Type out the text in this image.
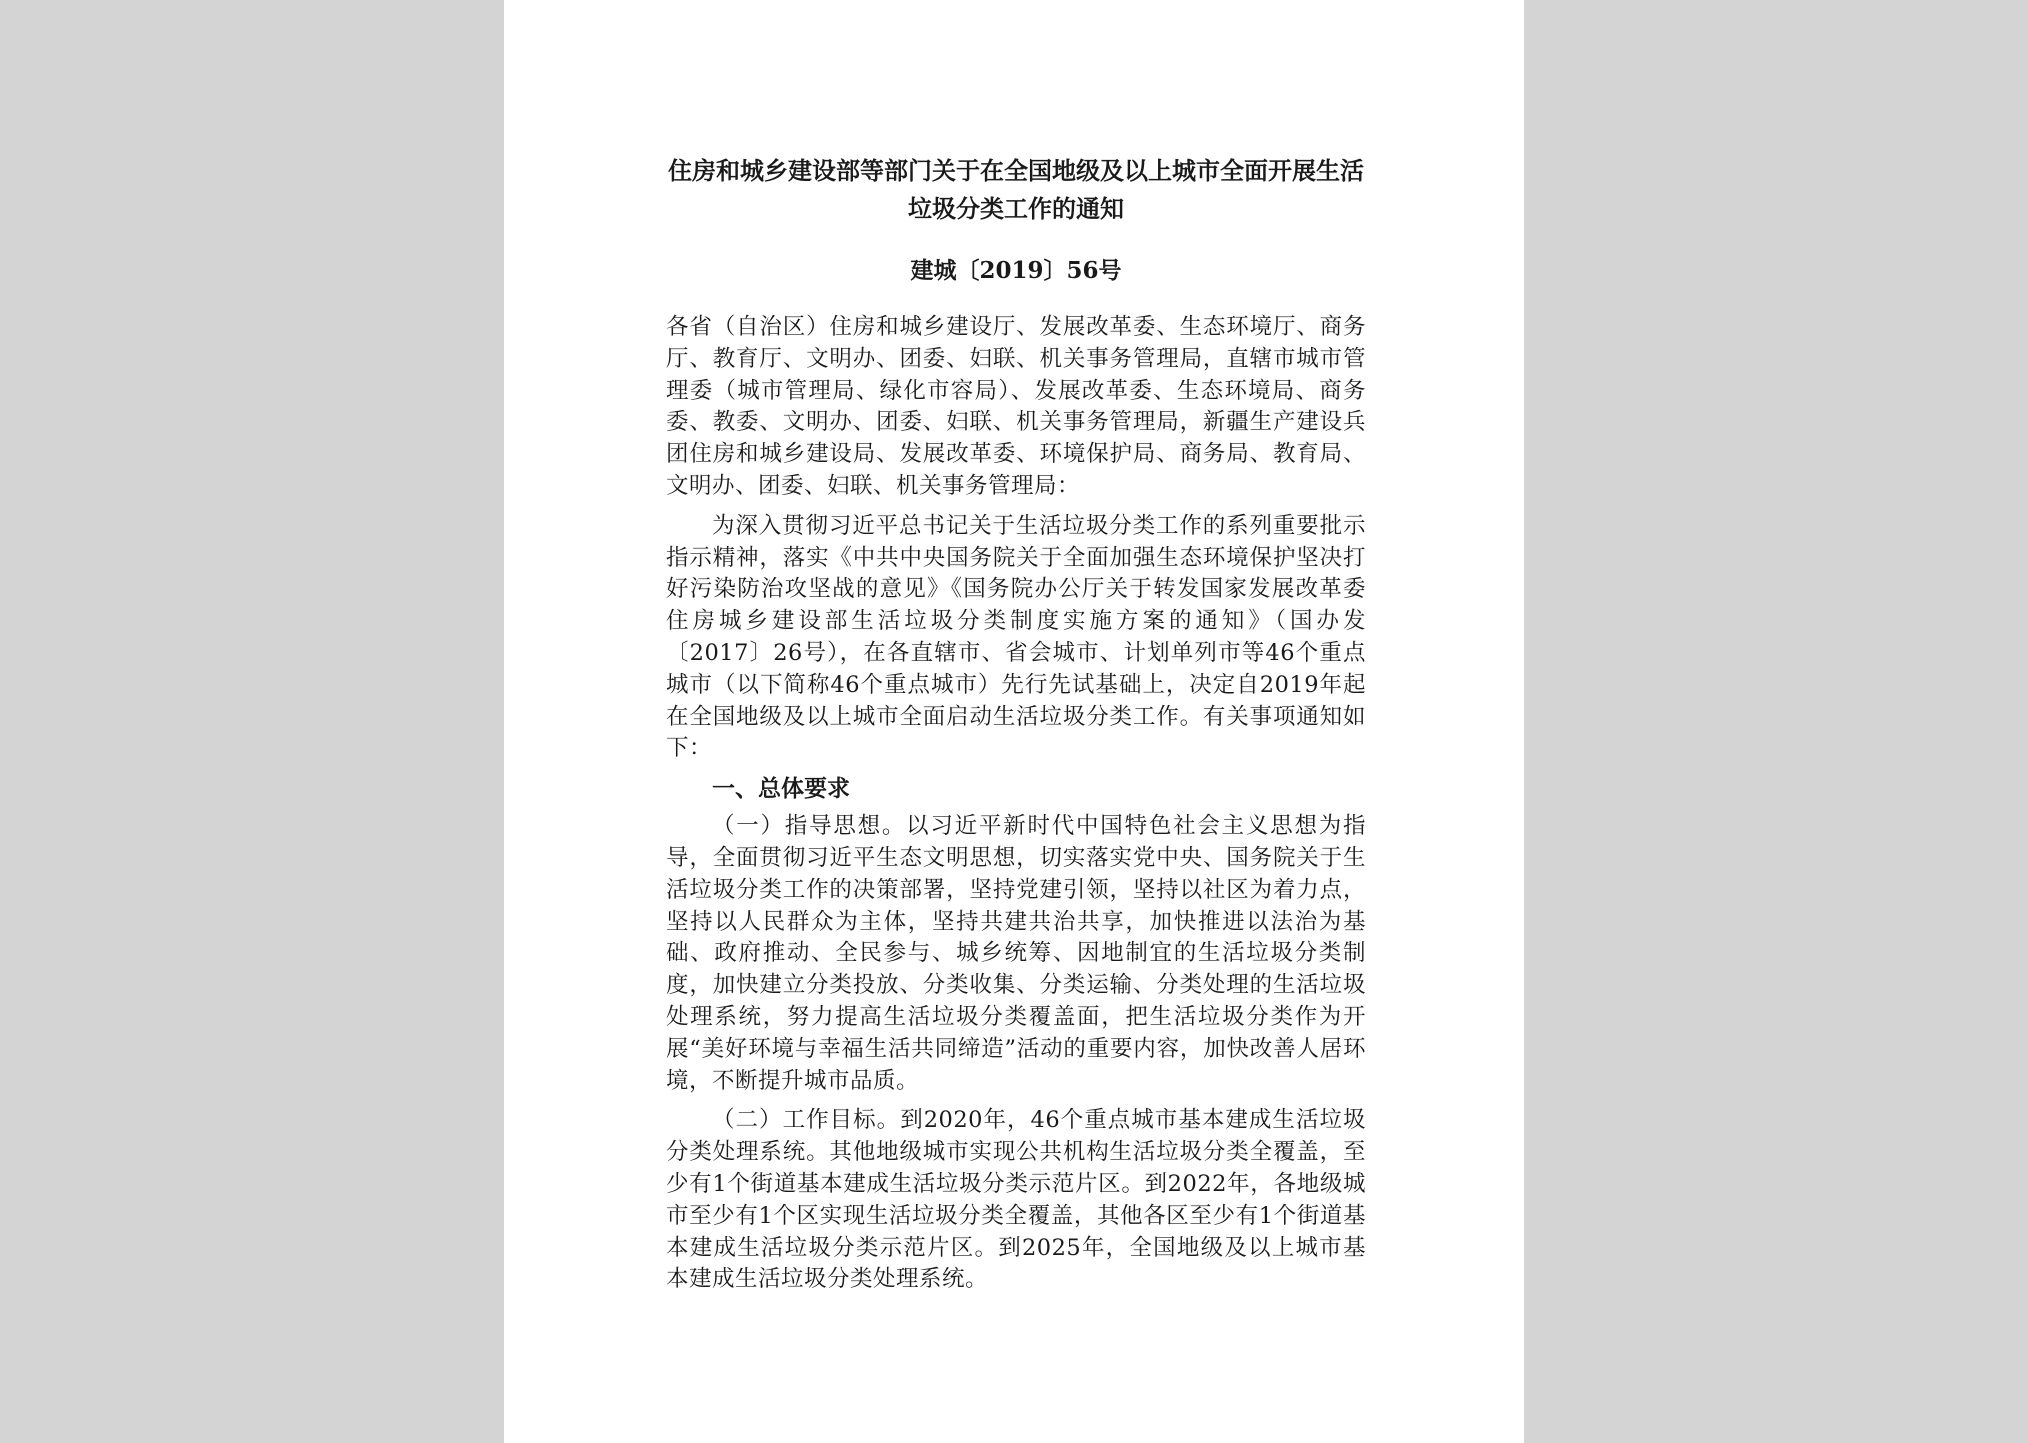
住房和城乡建设部等部门关于在全国地级及以上城市全面开展生活
垃圾分类工作的通知

建城〔2019〕56号

各省（自治区）住房和城乡建设厅、发展改革委、生态环境厅、商务厅、教育厅、文明办、团委、妇联、机关事务管理局，直辖市城市管理委（城市管理局、绿化市容局）、发展改革委、生态环境局、商务委、教委、文明办、团委、妇联、机关事务管理局，新疆生产建设兵团住房和城乡建设局、发展改革委、环境保护局、商务局、教育局、文明办、团委、妇联、机关事务管理局：

为深入贯彻习近平总书记关于生活垃圾分类工作的系列重要批示指示精神，落实《中共中央国务院关于全面加强生态环境保护坚决打好污染防治攻坚战的意见》《国务院办公厅关于转发国家发展改革委住房城乡建设部生活垃圾分类制度实施方案的通知》（国办发〔2017〕26号），在各直辖市、省会城市、计划单列市等46个重点城市（以下简称46个重点城市）先行先试基础上，决定自2019年起在全国地级及以上城市全面启动生活垃圾分类工作。有关事项通知如下：

一、总体要求

（一）指导思想。以习近平新时代中国特色社会主义思想为指导，全面贯彻习近平生态文明思想，切实落实党中央、国务院关于生活垃圾分类工作的决策部署，坚持党建引领，坚持以社区为着力点，坚持以人民群众为主体，坚持共建共治共享，加快推进以法治为基础、政府推动、全民参与、城乡统筹、因地制宜的生活垃圾分类制度，加快建立分类投放、分类收集、分类运输、分类处理的生活垃圾处理系统，努力提高生活垃圾分类覆盖面，把生活垃圾分类作为开展“美好环境与幸福生活共同缔造”活动的重要内容，加快改善人居环境，不断提升城市品质。

（二）工作目标。到2020年，46个重点城市基本建成生活垃圾分类处理系统。其他地级城市实现公共机构生活垃圾分类全覆盖，至少有1个街道基本建成生活垃圾分类示范片区。到2022年，各地级城市至少有1个区实现生活垃圾分类全覆盖，其他各区至少有1个街道基本建成生活垃圾分类示范片区。到2025年，全国地级及以上城市基本建成生活垃圾分类处理系统。
